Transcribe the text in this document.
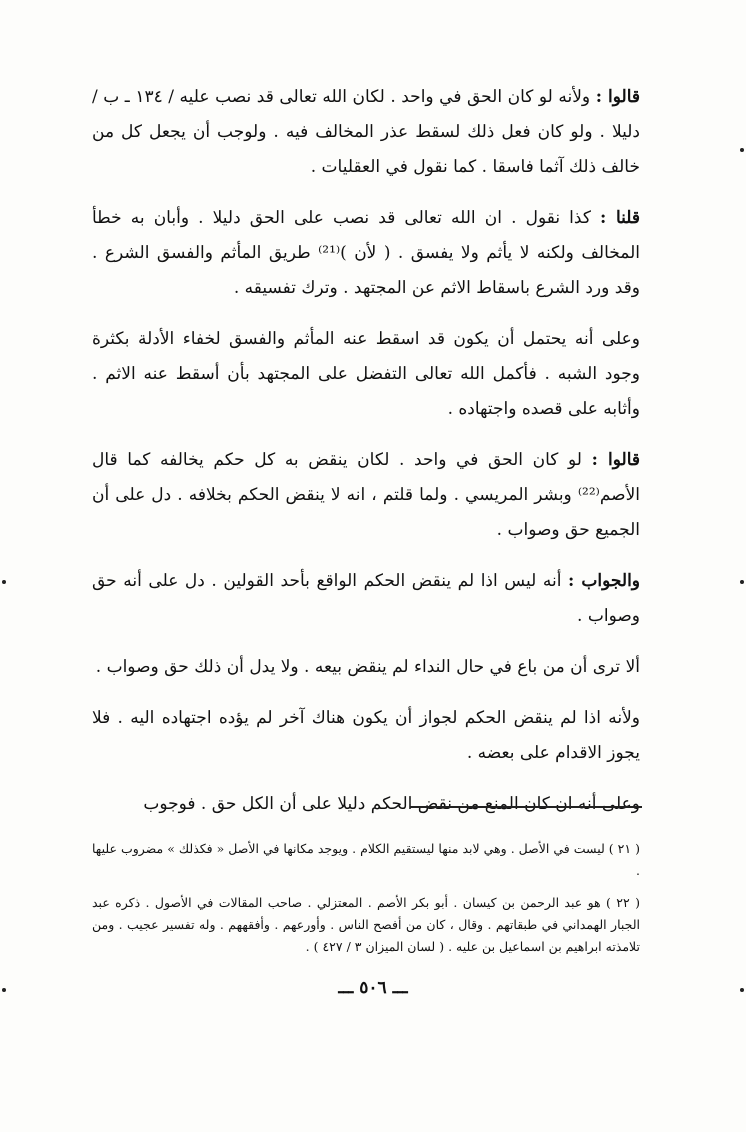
قالوا : ولأنه لو كان الحق في واحد . لكان الله تعالى قد نصب عليه / ١٣٤ ـ ب / دليلا . ولو كان فعل ذلك لسقط عذر المخالف فيه . ولوجب أن يجعل كل من خالف ذلك آثما فاسقا . كما نقول في العقليات .

قلنا : كذا نقول . ان الله تعالى قد نصب على الحق دليلا . وأبان به خطأ المخالف ولكنه لا يأثم ولا يفسق . ( لأن )⁽²¹⁾ طريق المأثم والفسق الشرع . وقد ورد الشرع باسقاط الاثم عن المجتهد . وترك تفسيقه .

وعلى أنه يحتمل أن يكون قد اسقط عنه المأثم والفسق لخفاء الأدلة بكثرة وجود الشبه . فأكمل الله تعالى التفضل على المجتهد بأن أسقط عنه الاثم . وأثابه على قصده واجتهاده .

قالوا : لو كان الحق في واحد . لكان ينقض به كل حكم يخالفه كما قال الأصم⁽²²⁾ وبشر المريسي . ولما قلتم ، انه لا ينقض الحكم بخلافه . دل على أن الجميع حق وصواب .

والجواب : أنه ليس اذا لم ينقض الحكم الواقع بأحد القولين . دل على أنه حق وصواب .

ألا ترى أن من باع في حال النداء لم ينقض بيعه . ولا يدل أن ذلك حق وصواب .

ولأنه اذا لم ينقض الحكم لجواز أن يكون هناك آخر لم يؤده اجتهاده اليه . فلا يجوز الاقدام على بعضه .

وعلى أنه ان كان المنع من نقض الحكم دليلا على أن الكل حق . فوجوب

( ٢١ ) ليست في الأصل . وهي لابد منها ليستقيم الكلام . ويوجد مكانها في الأصل « فكذلك » مضروب عليها .

( ٢٢ ) هو عبد الرحمن بن كيسان . أبو بكر الأصم . المعتزلي . صاحب المقالات في الأصول . ذكره عبد الجبار الهمداني في طبقاتهم . وقال ، كان من أفصح الناس . وأورعهم . وأفقههم . وله تفسير عجيب . ومن تلامذته ابراهيم بن اسماعيل بن عليه . ( لسان الميزان ٣ / ٤٢٧ ) .

ـــ ٥٠٦ ـــ
